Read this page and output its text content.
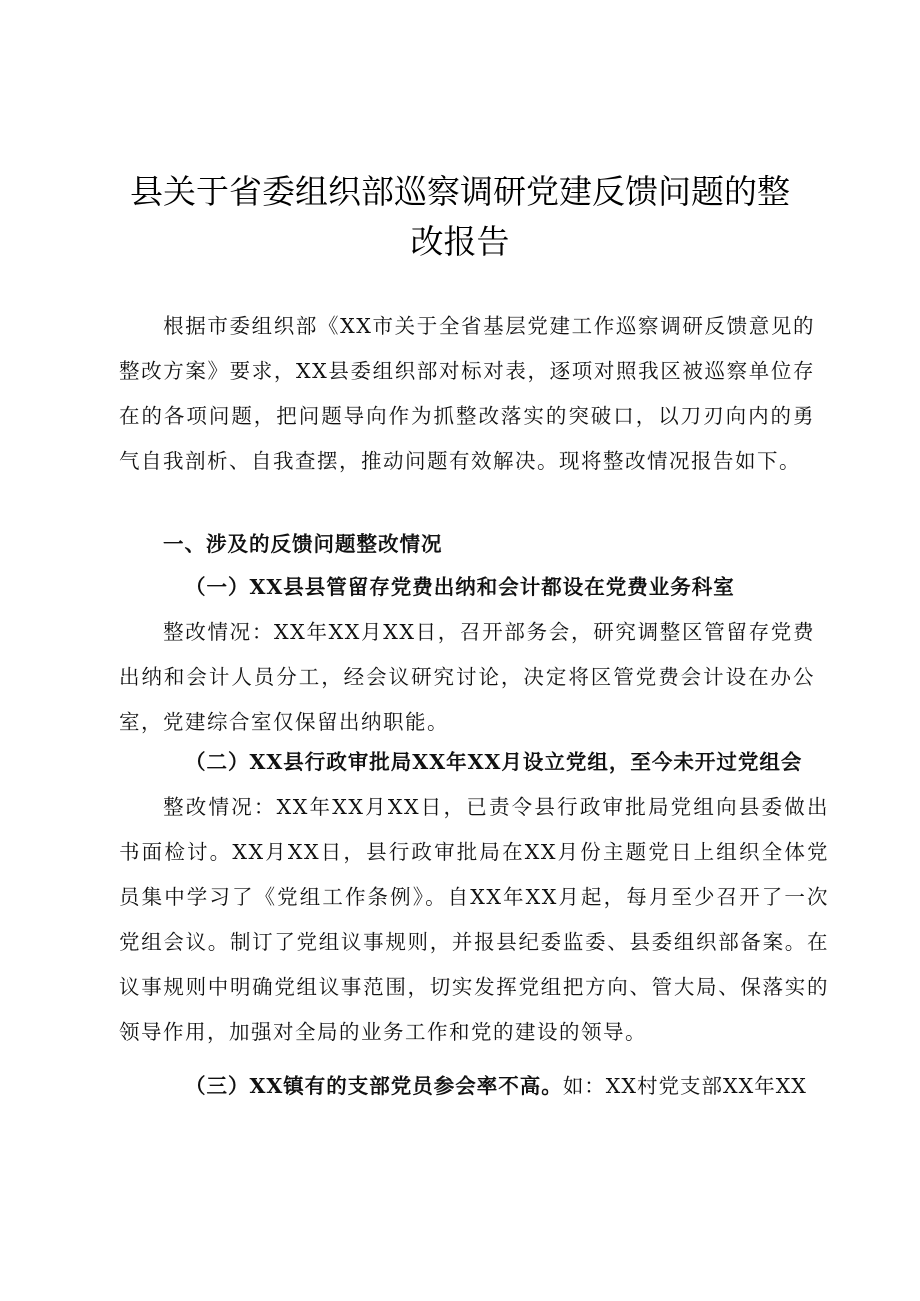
县关于省委组织部巡察调研党建反馈问题的整
改报告

根据市委组织部《XX市关于全省基层党建工作巡察调研反馈意见的整改方案》要求，XX县委组织部对标对表，逐项对照我区被巡察单位存在的各项问题，把问题导向作为抓整改落实的突破口，以刀刃向内的勇气自我剖析、自我查摆，推动问题有效解决。现将整改情况报告如下。

一、涉及的反馈问题整改情况

（一）XX县县管留存党费出纳和会计都设在党费业务科室

整改情况：XX年XX月XX日，召开部务会，研究调整区管留存党费出纳和会计人员分工，经会议研究讨论，决定将区管党费会计设在办公室，党建综合室仅保留出纳职能。

（二）XX县行政审批局XX年XX月设立党组，至今未开过党组会

整改情况：XX年XX月XX日，已责令县行政审批局党组向县委做出书面检讨。XX月XX日，县行政审批局在XX月份主题党日上组织全体党员集中学习了《党组工作条例》。自XX年XX月起，每月至少召开了一次党组会议。制订了党组议事规则，并报县纪委监委、县委组织部备案。在议事规则中明确党组议事范围，切实发挥党组把方向、管大局、保落实的领导作用，加强对全局的业务工作和党的建设的领导。

（三）XX镇有的支部党员参会率不高。如：XX村党支部XX年XX
